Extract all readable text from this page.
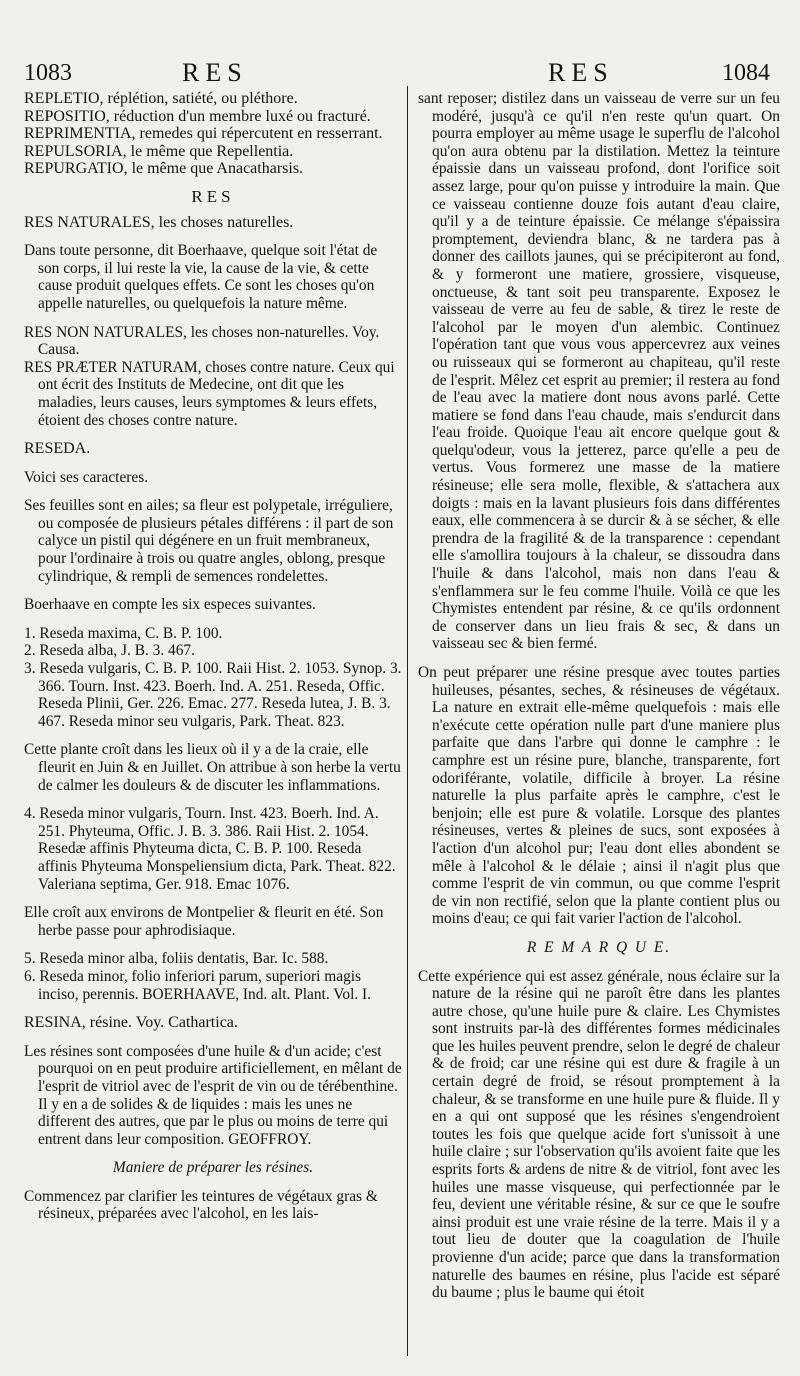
1083	RES	RES	1084

REPLETIO, réplétion, satiété, ou pléthore.

REPOSITIO, réduction d'un membre luxé ou fracturé.

REPRIMENTIA, remedes qui répercutent en resserrant.

REPULSORIA, le même que Repellentia.

REPURGATIO, le même que Anacatharsis.

RES

RES NATURALES, les choses naturelles.

Dans toute personne, dit Boerhaave, quelque soit l'état de son corps, il lui reste la vie, la cause de la vie, & cette cause produit quelques effets. Ce sont les choses qu'on appelle naturelles, ou quelquefois la nature même.

RES NON NATURALES, les choses non-naturelles. Voy. Causa.

RES PRÆTER NATURAM, choses contre nature. Ceux qui ont écrit des Instituts de Medecine, ont dit que les maladies, leurs causes, leurs symptomes & leurs effets, étoient des choses contre nature.

RESEDA.

Voici ses caracteres.

Ses feuilles sont en ailes; sa fleur est polypetale, irréguliere, ou composée de plusieurs pétales différens : il part de son calyce un pistil qui dégénere en un fruit membraneux, pour l'ordinaire à trois ou quatre angles, oblong, presque cylindrique, & rempli de semences rondelettes.

Boerhaave en compte les six especes suivantes.

1. Reseda maxima, C. B. P. 100.

2. Reseda alba, J. B. 3. 467.

3. Reseda vulgaris, C. B. P. 100. Raii Hist. 2. 1053. Synop. 3. 366. Tourn. Inst. 423. Boerh. Ind. A. 251. Reseda, Offic. Reseda Plinii, Ger. 226. Emac. 277. Reseda lutea, J. B. 3. 467. Reseda minor seu vulgaris, Park. Theat. 823.

Cette plante croît dans les lieux où il y a de la craie, elle fleurit en Juin & en Juillet. On attribue à son herbe la vertu de calmer les douleurs & de discuter les inflammations.

4. Reseda minor vulgaris, Tourn. Inst. 423. Boerh. Ind. A. 251. Phyteuma, Offic. J. B. 3. 386. Raii Hist. 2. 1054. Resedæ affinis Phyteuma dicta, C. B. P. 100. Reseda affinis Phyteuma Monspeliensium dicta, Park. Theat. 822. Valeriana septima, Ger. 918. Emac 1076.

Elle croît aux environs de Montpelier & fleurit en été. Son herbe passe pour aphrodisiaque.

5. Reseda minor alba, foliis dentatis, Bar. Ic. 588.

6. Reseda minor, folio inferiori parum, superiori magis inciso, perennis. BOERHAAVE, Ind. alt. Plant. Vol. I.

RESINA, résine. Voy. Cathartica.

Les résines sont composées d'une huile & d'un acide; c'est pourquoi on en peut produire artificiellement, en mêlant de l'esprit de vitriol avec de l'esprit de vin ou de térébenthine. Il y en a de solides & de liquides : mais les unes ne different des autres, que par le plus ou moins de terre qui entrent dans leur composition. GEOFFROY.

Maniere de préparer les résines.

Commencez par clarifier les teintures de végétaux gras & résineux, préparées avec l'alcohol, en les lais-

sant reposer; distilez dans un vaisseau de verre sur un feu modéré, jusqu'à ce qu'il n'en reste qu'un quart. On pourra employer au même usage le superflu de l'alcohol qu'on aura obtenu par la distilation. Mettez la teinture épaissie dans un vaisseau profond, dont l'orifice soit assez large, pour qu'on puisse y introduire la main. Que ce vaisseau contienne douze fois autant d'eau claire, qu'il y a de teinture épaissie. Ce mélange s'épaissira promptement, deviendra blanc, & ne tardera pas à donner des caillots jaunes, qui se précipiteront au fond, & y formeront une matiere, grossiere, visqueuse, onctueuse, & tant soit peu transparente. Exposez le vaisseau de verre au feu de sable, & tirez le reste de l'alcohol par le moyen d'un alembic. Continuez l'opération tant que vous vous appercevrez aux veines ou ruisseaux qui se formeront au chapiteau, qu'il reste de l'esprit. Mêlez cet esprit au premier; il restera au fond de l'eau avec la matiere dont nous avons parlé. Cette matiere se fond dans l'eau chaude, mais s'endurcit dans l'eau froide. Quoique l'eau ait encore quelque gout & quelqu'odeur, vous la jetterez, parce qu'elle a peu de vertus. Vous formerez une masse de la matiere résineuse; elle sera molle, flexible, & s'attachera aux doigts : mais en la lavant plusieurs fois dans différentes eaux, elle commencera à se durcir & à se sécher, & elle prendra de la fragilité & de la transparence : cependant elle s'amollira toujours à la chaleur, se dissoudra dans l'huile & dans l'alcohol, mais non dans l'eau & s'enflammera sur le feu comme l'huile. Voilà ce que les Chymistes entendent par résine, & ce qu'ils ordonnent de conserver dans un lieu frais & sec, & dans un vaisseau sec & bien fermé.

On peut préparer une résine presque avec toutes parties huileuses, pésantes, seches, & résineuses de végétaux. La nature en extrait elle-même quelquefois : mais elle n'exécute cette opération nulle part d'une maniere plus parfaite que dans l'arbre qui donne le camphre : le camphre est un résine pure, blanche, transparente, fort odoriférante, volatile, difficile à broyer. La résine naturelle la plus parfaite après le camphre, c'est le benjoin; elle est pure & volatile. Lorsque des plantes résineuses, vertes & pleines de sucs, sont exposées à l'action d'un alcohol pur; l'eau dont elles abondent se mêle à l'alcohol & le délaie ; ainsi il n'agit plus que comme l'esprit de vin commun, ou que comme l'esprit de vin non rectifié, selon que la plante contient plus ou moins d'eau; ce qui fait varier l'action de l'alcohol.

R E M A R Q U E.

Cette expérience qui est assez générale, nous éclaire sur la nature de la résine qui ne paroît être dans les plantes autre chose, qu'une huile pure & claire. Les Chymistes sont instruits par-là des différentes formes médicinales que les huiles peuvent prendre, selon le degré de chaleur & de froid; car une résine qui est dure & fragile à un certain degré de froid, se résout promptement à la chaleur, & se transforme en une huile pure & fluide. Il y en a qui ont supposé que les résines s'engendroient toutes les fois que quelque acide fort s'unissoit à une huile claire ; sur l'observation qu'ils avoient faite que les esprits forts & ardens de nitre & de vitriol, font avec les huiles une masse visqueuse, qui perfectionnée par le feu, devient une véritable résine, & sur ce que le soufre ainsi produit est une vraie résine de la terre. Mais il y a tout lieu de douter que la coagulation de l'huile provienne d'un acide; parce que dans la transformation naturelle des baumes en résine, plus l'acide est séparé du baume ; plus le baume qui étoit
